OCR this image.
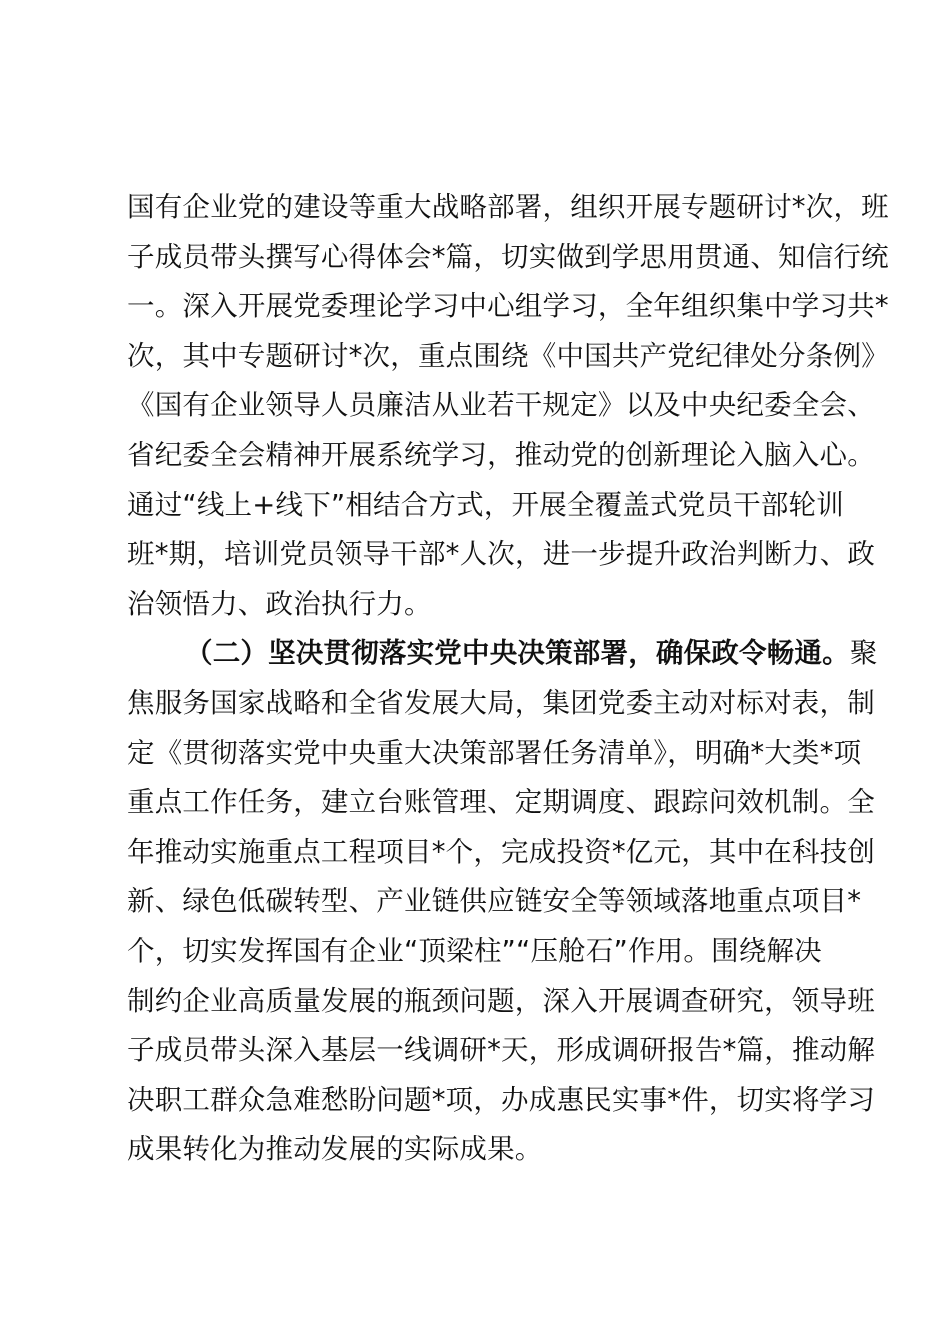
国有企业党的建设等重大战略部署，组织开展专题研讨*次，班
子成员带头撰写心得体会*篇，切实做到学思用贯通、知信行统
一。深入开展党委理论学习中心组学习，全年组织集中学习共*
次，其中专题研讨*次，重点围绕《中国共产党纪律处分条例》
《国有企业领导人员廉洁从业若干规定》以及中央纪委全会、
省纪委全会精神开展系统学习，推动党的创新理论入脑入心。
通过“线上+线下”相结合方式，开展全覆盖式党员干部轮训
班*期，培训党员领导干部*人次，进一步提升政治判断力、政
治领悟力、政治执行力。
（二）坚决贯彻落实党中央决策部署，确保政令畅通。聚
焦服务国家战略和全省发展大局，集团党委主动对标对表，制
定《贯彻落实党中央重大决策部署任务清单》，明确*大类*项
重点工作任务，建立台账管理、定期调度、跟踪问效机制。全
年推动实施重点工程项目*个，完成投资*亿元，其中在科技创
新、绿色低碳转型、产业链供应链安全等领域落地重点项目*
个，切实发挥国有企业“顶梁柱”“压舱石”作用。围绕解决
制约企业高质量发展的瓶颈问题，深入开展调查研究，领导班
子成员带头深入基层一线调研*天，形成调研报告*篇，推动解
决职工群众急难愁盼问题*项，办成惠民实事*件，切实将学习
成果转化为推动发展的实际成果。
